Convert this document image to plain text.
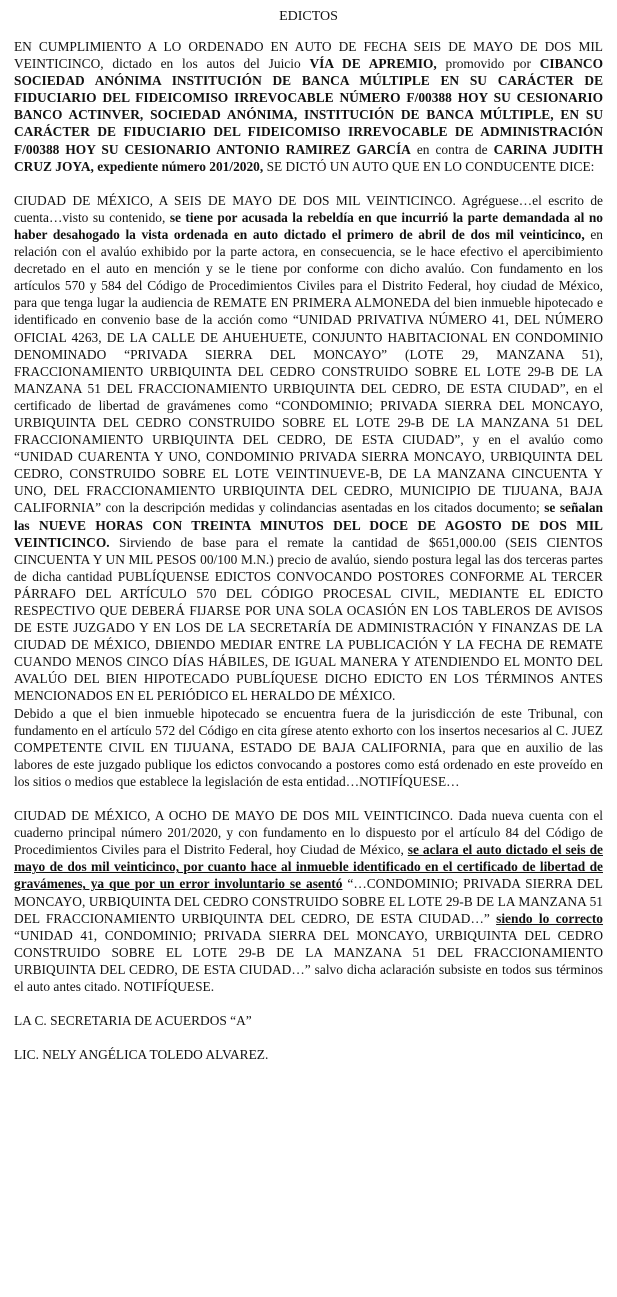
EDICTOS

EN CUMPLIMIENTO A LO ORDENADO EN AUTO DE FECHA SEIS DE MAYO DE DOS MIL VEINTICINCO, dictado en los autos del Juicio VÍA DE APREMIO, promovido por CIBANCO SOCIEDAD ANÓNIMA INSTITUCIÓN DE BANCA MÚLTIPLE EN SU CARÁCTER DE FIDUCIARIO DEL FIDEICOMISO IRREVOCABLE NÚMERO F/00388 HOY SU CESIONARIO BANCO ACTINVER, SOCIEDAD ANÓNIMA, INSTITUCIÓN DE BANCA MÚLTIPLE, EN SU CARÁCTER DE FIDUCIARIO DEL FIDEICOMISO IRREVOCABLE DE ADMINISTRACIÓN F/00388 HOY SU CESIONARIO ANTONIO RAMIREZ GARCÍA en contra de CARINA JUDITH CRUZ JOYA, expediente número 201/2020, SE DICTÓ UN AUTO QUE EN LO CONDUCENTE DICE:

CIUDAD DE MÉXICO, A SEIS DE MAYO DE DOS MIL VEINTICINCO. Agréguese…el escrito de cuenta…visto su contenido, se tiene por acusada la rebeldía en que incurrió la parte demandada al no haber desahogado la vista ordenada en auto dictado el primero de abril de dos mil veinticinco, en relación con el avalúo exhibido por la parte actora, en consecuencia, se le hace efectivo el apercibimiento decretado en el auto en mención y se le tiene por conforme con dicho avalúo. Con fundamento en los artículos 570 y 584 del Código de Procedimientos Civiles para el Distrito Federal, hoy ciudad de México, para que tenga lugar la audiencia de REMATE EN PRIMERA ALMONEDA del bien inmueble hipotecado e identificado en convenio base de la acción como “UNIDAD PRIVATIVA NÚMERO 41, DEL NÚMERO OFICIAL 4263, DE LA CALLE DE AHUEHUETE, CONJUNTO HABITACIONAL EN CONDOMINIO DENOMINADO “PRIVADA SIERRA DEL MONCAYO” (LOTE 29, MANZANA 51), FRACCIONAMIENTO URBIQUINTA DEL CEDRO CONSTRUIDO SOBRE EL LOTE 29-B DE LA MANZANA 51 DEL FRACCIONAMIENTO URBIQUINTA DEL CEDRO, DE ESTA CIUDAD”, en el certificado de libertad de gravámenes como “CONDOMINIO; PRIVADA SIERRA DEL MONCAYO, URBIQUINTA DEL CEDRO CONSTRUIDO SOBRE EL LOTE 29-B DE LA MANZANA 51 DEL FRACCIONAMIENTO URBIQUINTA DEL CEDRO, DE ESTA CIUDAD”, y en el avalúo como “UNIDAD CUARENTA Y UNO, CONDOMINIO PRIVADA SIERRA MONCAYO, URBIQUINTA DEL CEDRO, CONSTRUIDO SOBRE EL LOTE VEINTINUEVE-B, DE LA MANZANA CINCUENTA Y UNO, DEL FRACCIONAMIENTO URBIQUINTA DEL CEDRO, MUNICIPIO DE TIJUANA, BAJA CALIFORNIA” con la descripción medidas y colindancias asentadas en los citados documento; se señalan las NUEVE HORAS CON TREINTA MINUTOS DEL DOCE DE AGOSTO DE DOS MIL VEINTICINCO. Sirviendo de base para el remate la cantidad de $651,000.00 (SEIS CIENTOS CINCUENTA Y UN MIL PESOS 00/100 M.N.) precio de avalúo, siendo postura legal las dos terceras partes de dicha cantidad PUBLÍQUENSE EDICTOS CONVOCANDO POSTORES CONFORME AL TERCER PÁRRAFO DEL ARTÍCULO 570 DEL CÓDIGO PROCESAL CIVIL, MEDIANTE EL EDICTO RESPECTIVO QUE DEBERÁ FIJARSE POR UNA SOLA OCASIÓN EN LOS TABLEROS DE AVISOS DE ESTE JUZGADO Y EN LOS DE LA SECRETARÍA DE ADMINISTRACIÓN Y FINANZAS DE LA CIUDAD DE MÉXICO, DBIENDO MEDIAR ENTRE LA PUBLICACIÓN Y LA FECHA DE REMATE CUANDO MENOS CINCO DÍAS HÁBILES, DE IGUAL MANERA Y ATENDIENDO EL MONTO DEL AVALÚO DEL BIEN HIPOTECADO PUBLÍQUESE DICHO EDICTO EN LOS TÉRMINOS ANTES MENCIONADOS EN EL PERIÓDICO EL HERALDO DE MÉXICO.

Debido a que el bien inmueble hipotecado se encuentra fuera de la jurisdicción de este Tribunal, con fundamento en el artículo 572 del Código en cita gírese atento exhorto con los insertos necesarios al C. JUEZ COMPETENTE CIVIL EN TIJUANA, ESTADO DE BAJA CALIFORNIA, para que en auxilio de las labores de este juzgado publique los edictos convocando a postores como está ordenado en este proveído en los sitios o medios que establece la legislación de esta entidad…NOTIFÍQUESE…

CIUDAD DE MÉXICO, A OCHO DE MAYO DE DOS MIL VEINTICINCO. Dada nueva cuenta con el cuaderno principal número 201/2020, y con fundamento en lo dispuesto por el artículo 84 del Código de Procedimientos Civiles para el Distrito Federal, hoy Ciudad de México, se aclara el auto dictado el seis de mayo de dos mil veinticinco, por cuanto hace al inmueble identificado en el certificado de libertad de gravámenes, ya que por un error involuntario se asentó “…CONDOMINIO; PRIVADA SIERRA DEL MONCAYO, URBIQUINTA DEL CEDRO CONSTRUIDO SOBRE EL LOTE 29-B DE LA MANZANA 51 DEL FRACCIONAMIENTO URBIQUINTA DEL CEDRO, DE ESTA CIUDAD…” siendo lo correcto “UNIDAD 41, CONDOMINIO; PRIVADA SIERRA DEL MONCAYO, URBIQUINTA DEL CEDRO CONSTRUIDO SOBRE EL LOTE 29-B DE LA MANZANA 51 DEL FRACCIONAMIENTO URBIQUINTA DEL CEDRO, DE ESTA CIUDAD…” salvo dicha aclaración subsiste en todos sus términos el auto antes citado. NOTIFÍQUESE.

LA C. SECRETARIA DE ACUERDOS “A”

LIC. NELY ANGÉLICA TOLEDO ALVAREZ.
